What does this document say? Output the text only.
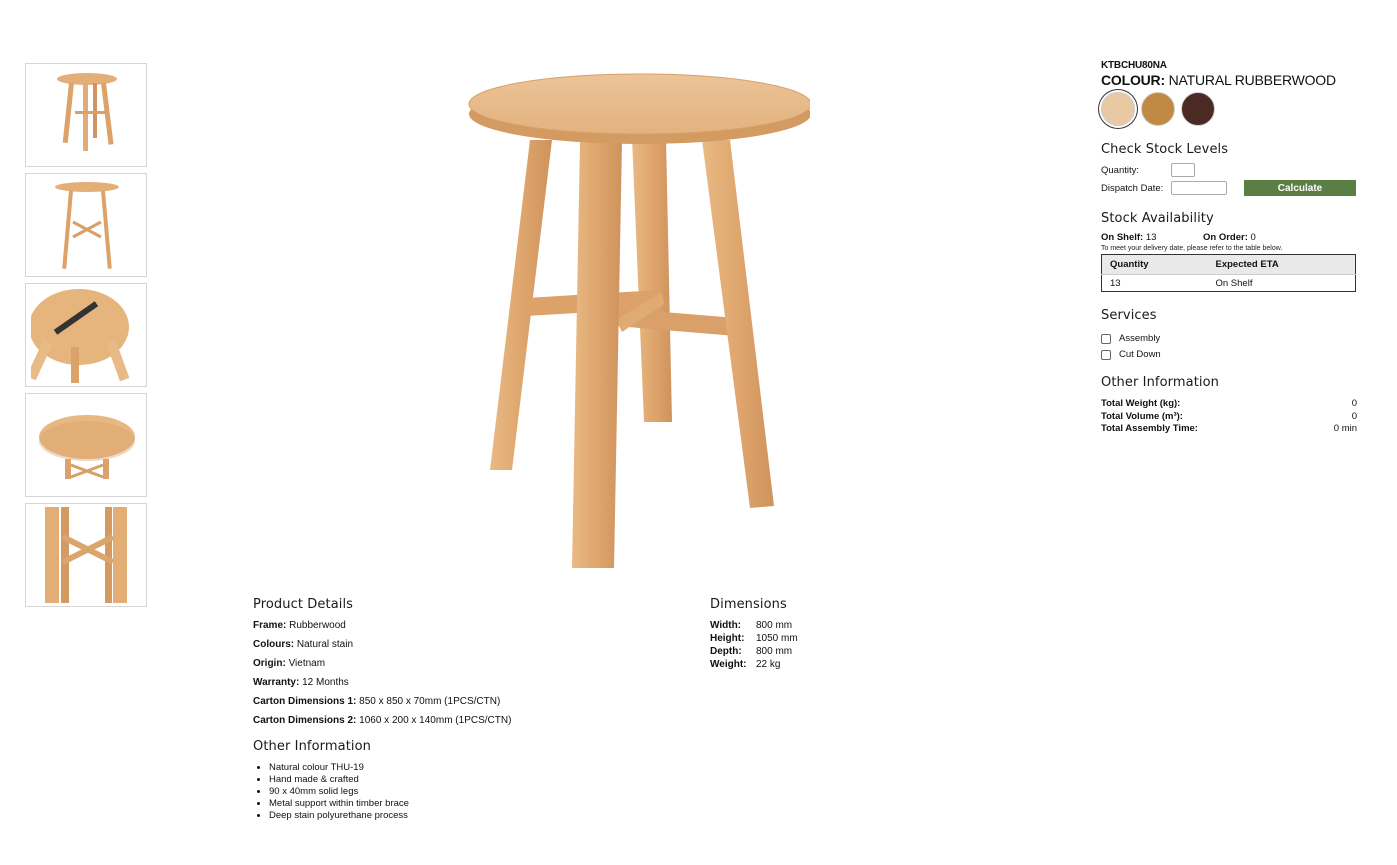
Product Details
Frame: Rubberwood
Colours: Natural stain
Origin: Vietnam
Warranty: 12 Months
Carton Dimensions 1: 850 x 850 x 70mm (1PCS/CTN)
Carton Dimensions 2: 1060 x 200 x 140mm (1PCS/CTN)
Other Information
• Natural colour THU-19
• Hand made & crafted
• 90 x 40mm solid legs
• Metal support within timber brace
• Deep stain polyurethane process
Dimensions
Width:	800 mm
Height:	1050 mm
Depth:	800 mm
Weight:	22 kg
KTBCHU80NA
COLOUR: NATURAL RUBBERWOOD
Check Stock Levels
Quantity:
Dispatch Date:	Calculate
Stock Availability
On Shelf: 13	On Order: 0
To meet your delivery date, please refer to the table below.
Quantity	Expected ETA
13	On Shelf
Services
Assembly
Cut Down
Other Information
Total Weight (kg):	0
Total Volume (m³):	0
Total Assembly Time:	0 min
